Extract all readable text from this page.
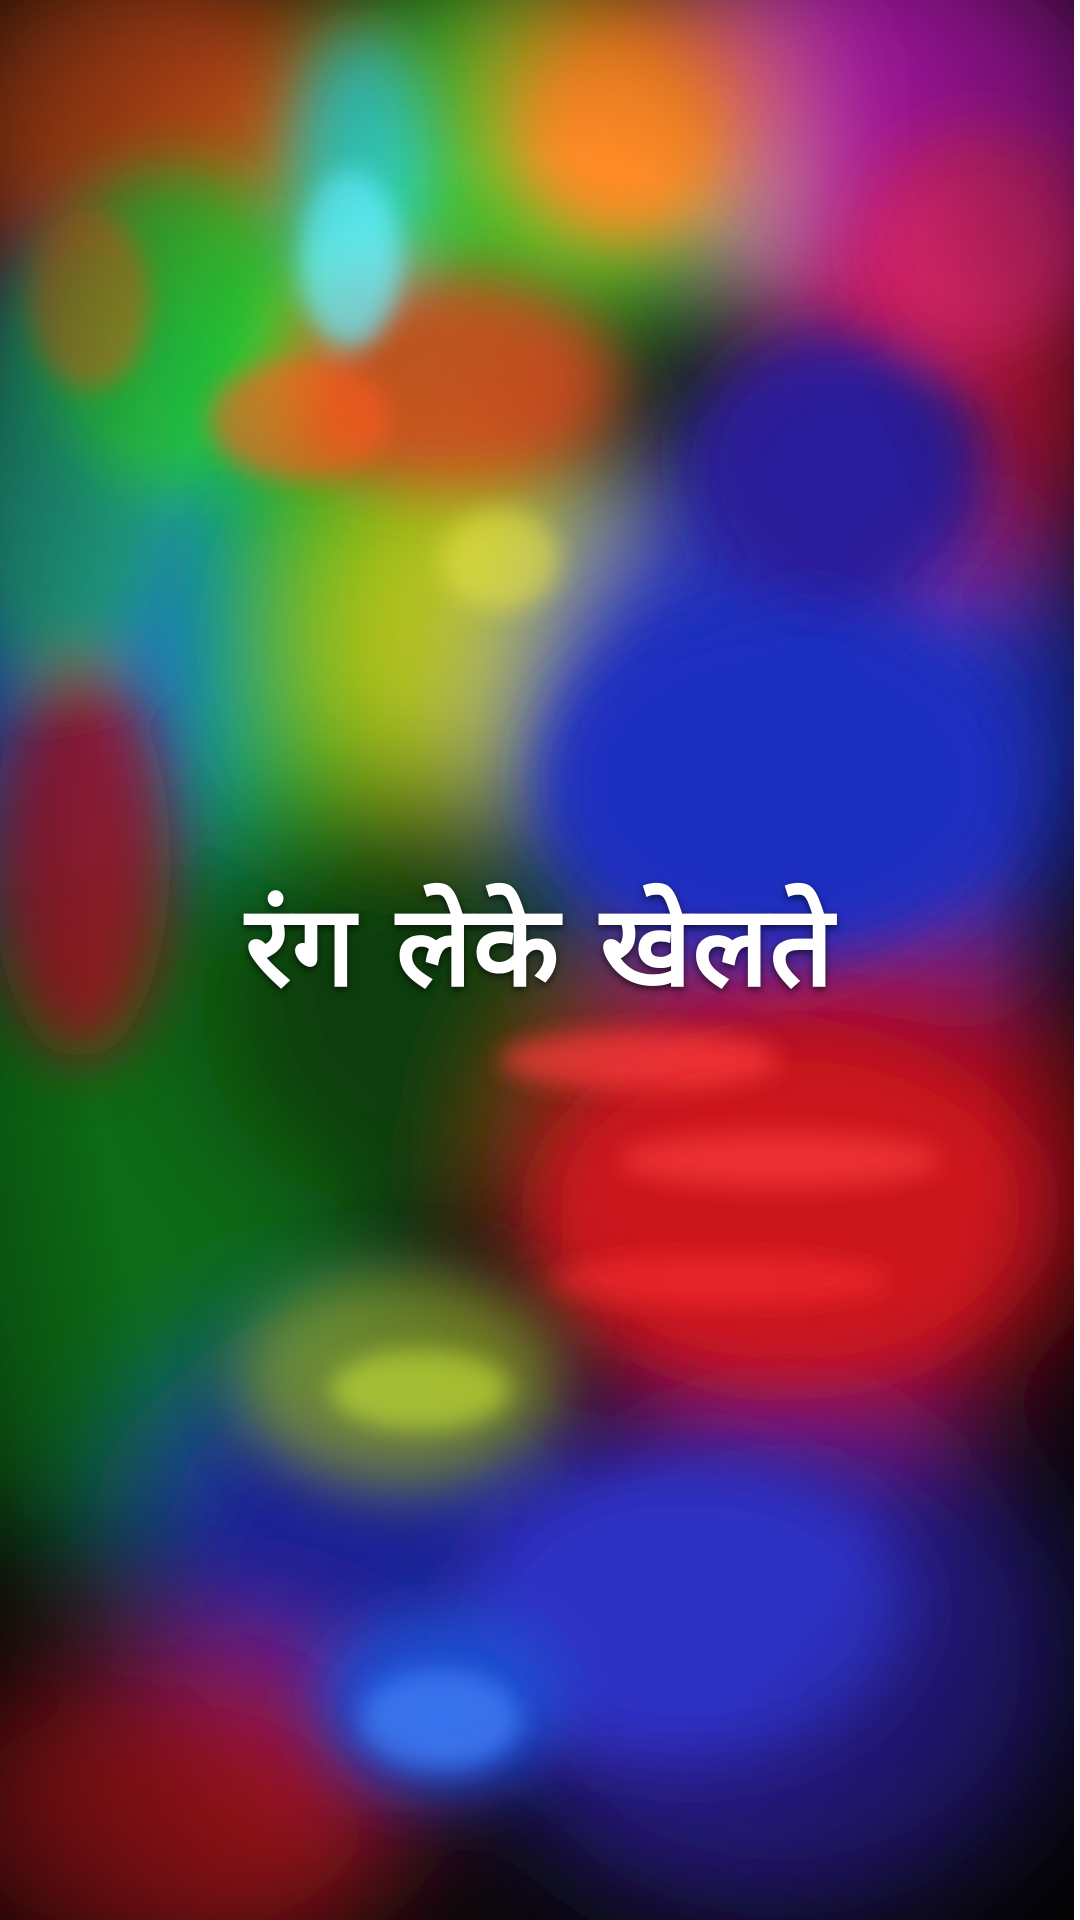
रंग लेके खेलते
